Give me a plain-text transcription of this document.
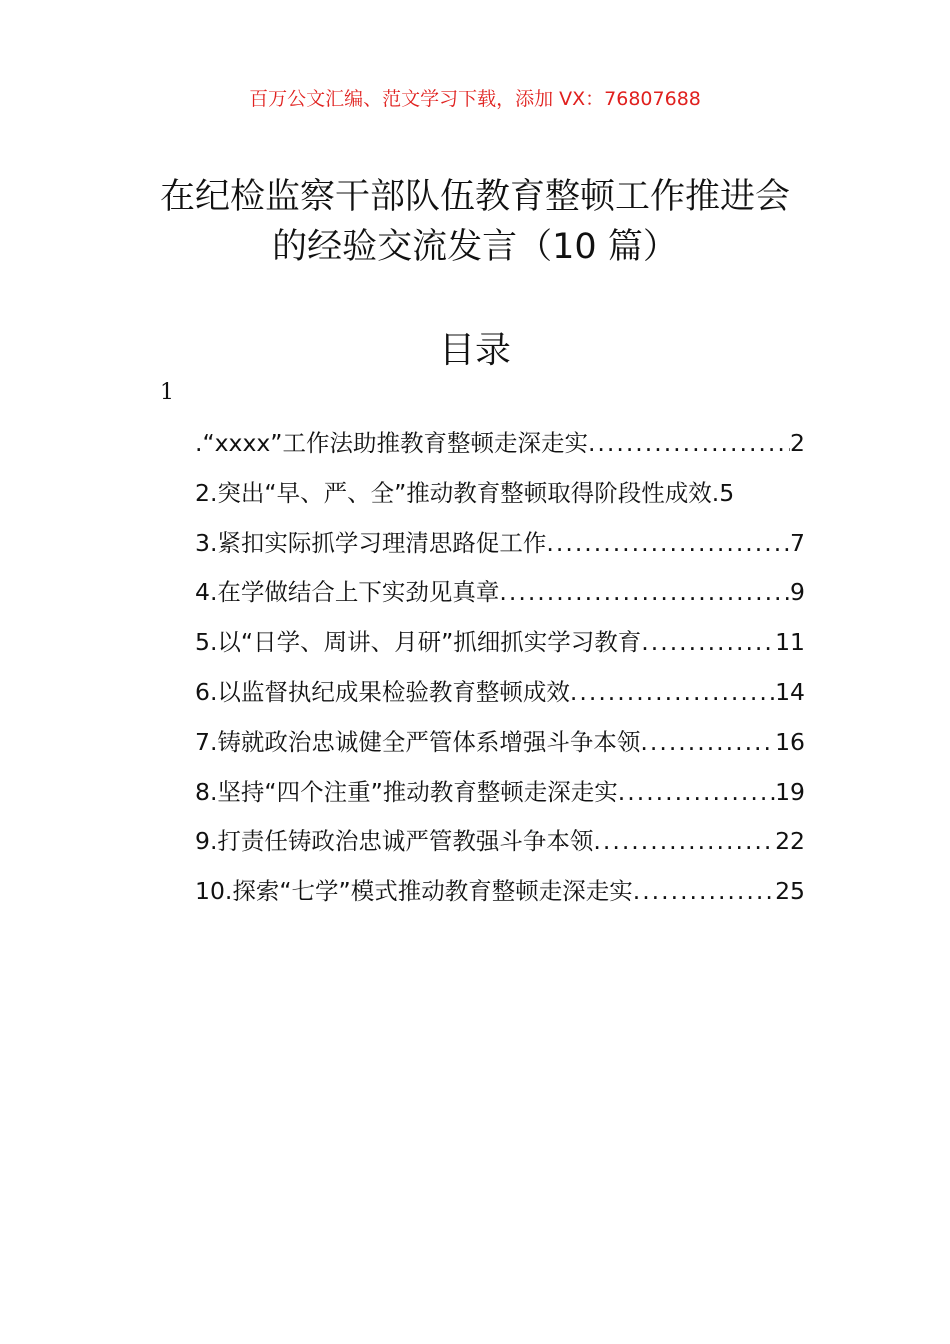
百万公文汇编、范文学习下载，添加 VX：76807688
在纪检监察干部队伍教育整顿工作推进会
的经验交流发言（10 篇）
目录
1
.“xxxx”工作法助推教育整顿走深走实 .....	2
2.突出“早、严、全”推动教育整顿取得阶段性成效 .5
3.紧扣实际抓学习理清思路促工作 .....	7
4.在学做结合上下实劲见真章 .....	9
5.以“日学、周讲、月研”抓细抓实学习教育 .....	11
6.以监督执纪成果检验教育整顿成效 .....	14
7.铸就政治忠诚健全严管体系增强斗争本领 .....	16
8.坚持“四个注重”推动教育整顿走深走实 .....	19
9.打责任铸政治忠诚严管教强斗争本领 .....	22
10.探索“七学”模式推动教育整顿走深走实 .....	25
